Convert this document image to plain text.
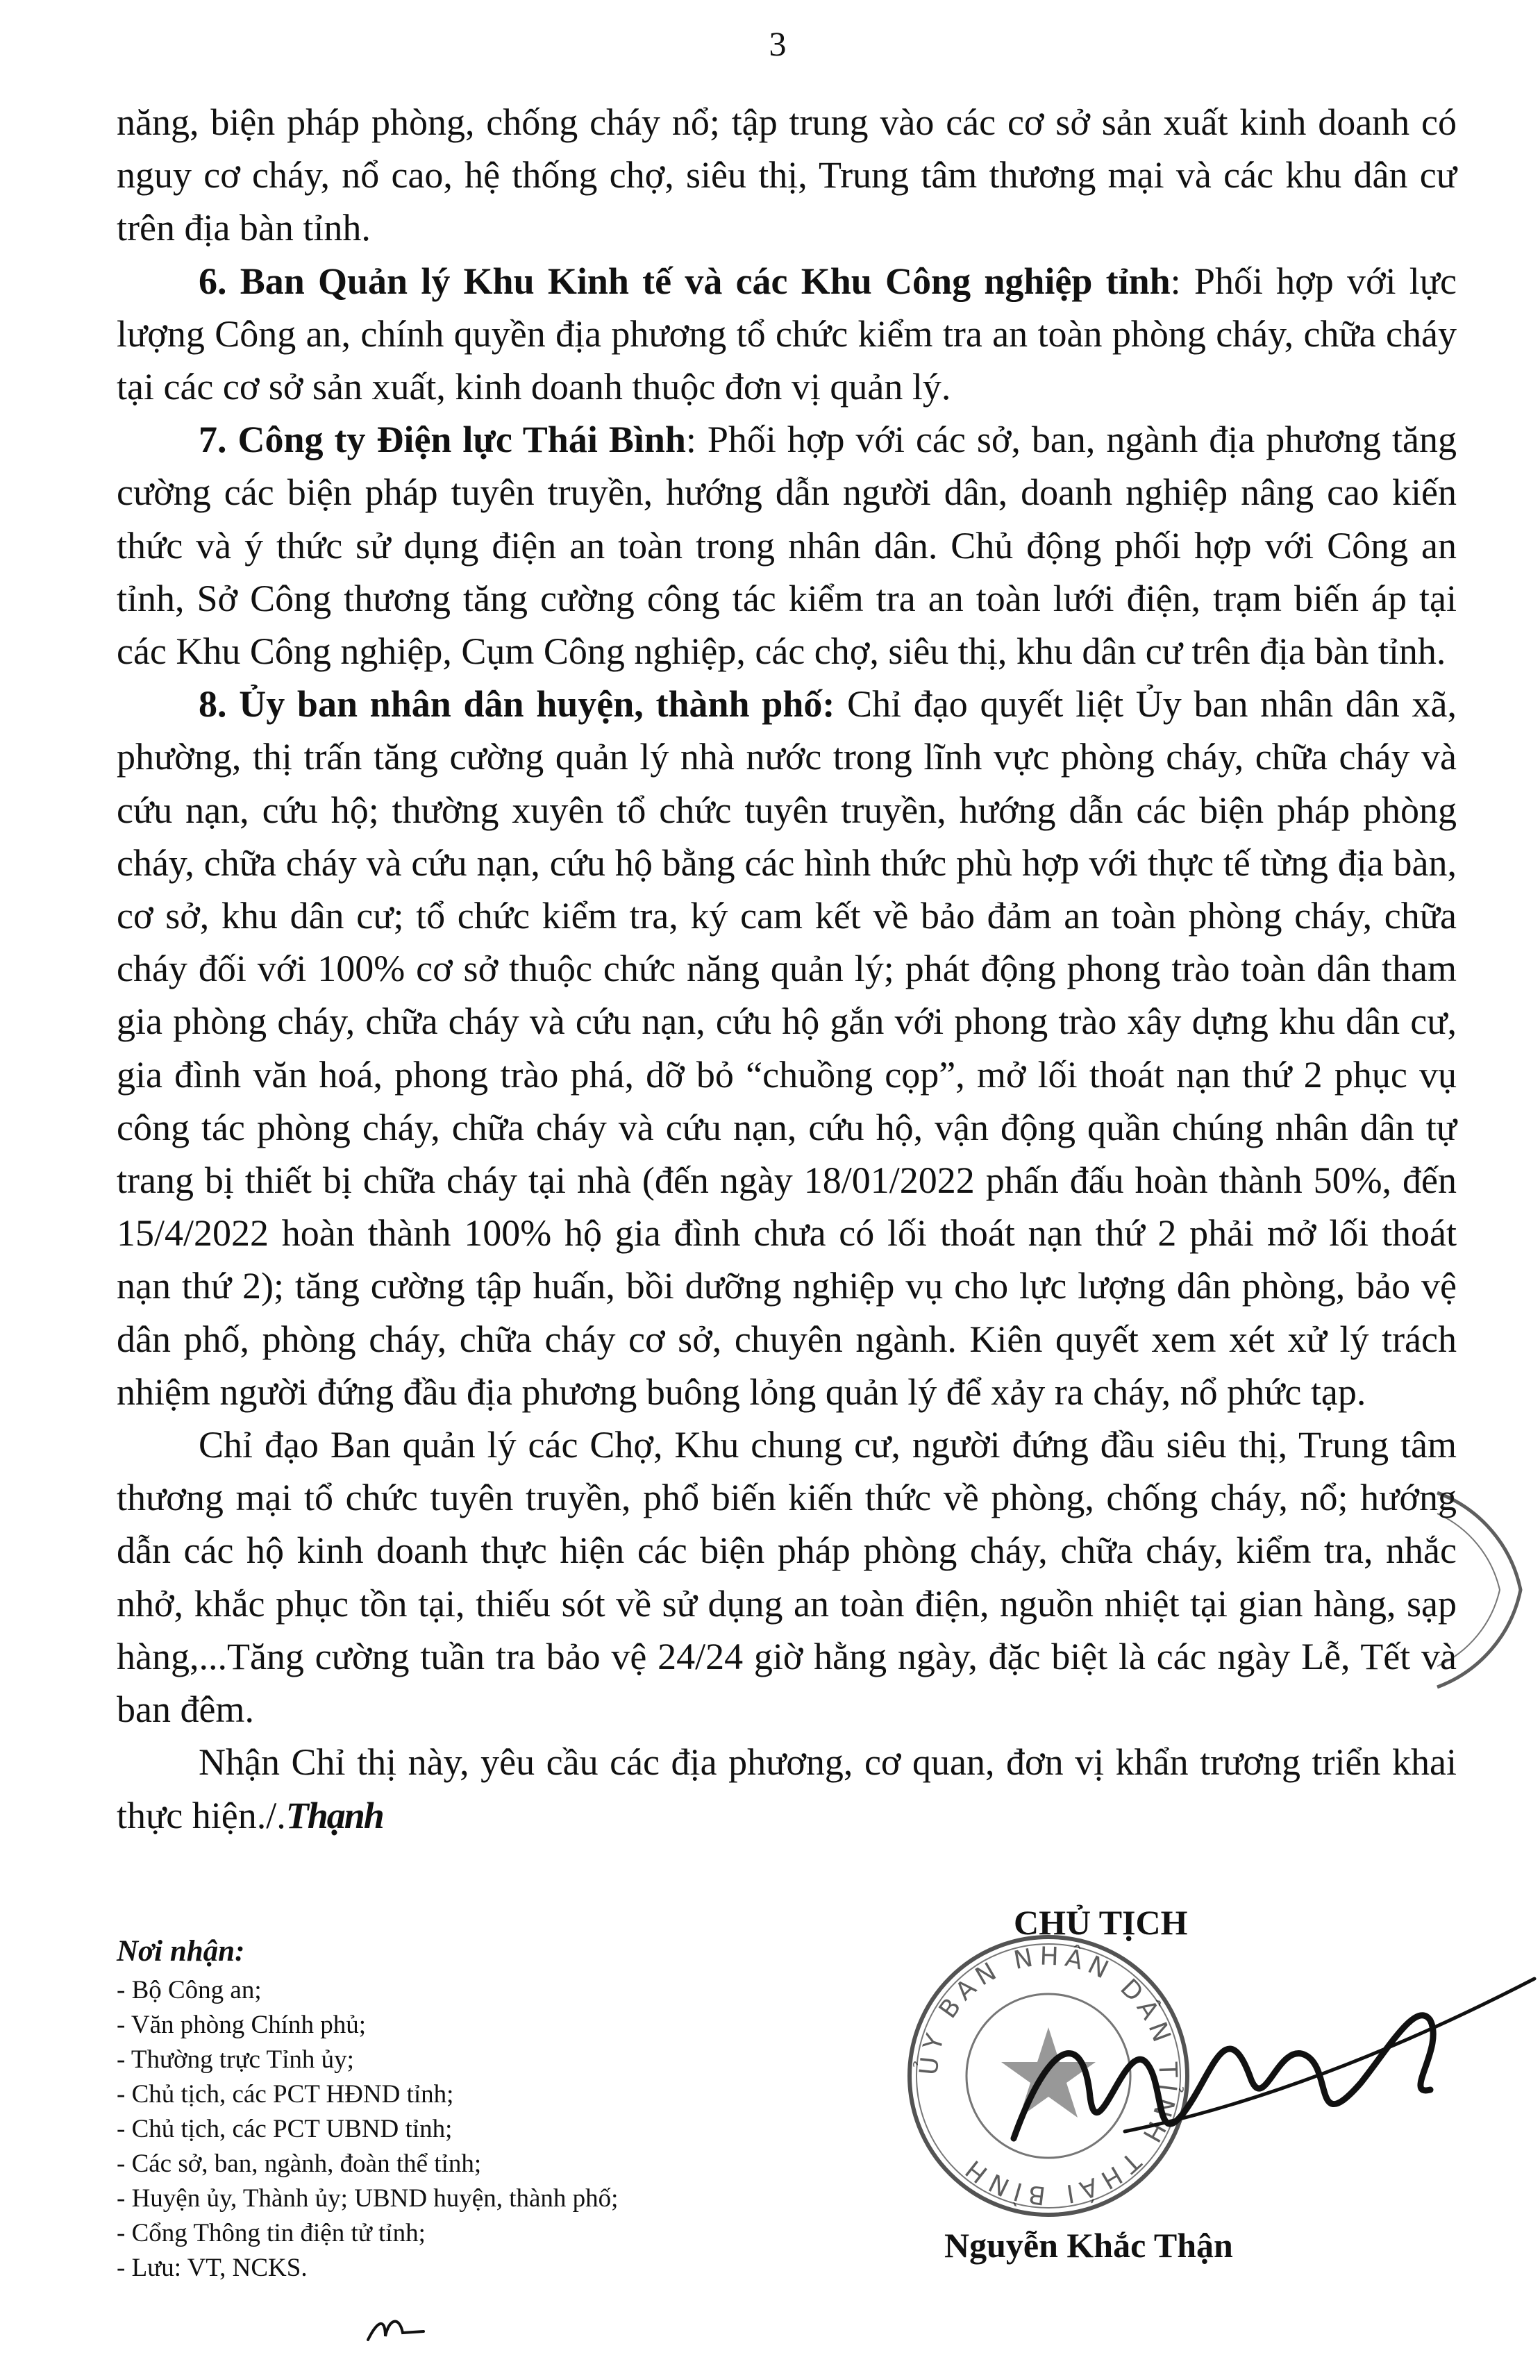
3

năng, biện pháp phòng, chống cháy nổ; tập trung vào các cơ sở sản xuất kinh doanh có nguy cơ cháy, nổ cao, hệ thống chợ, siêu thị, Trung tâm thương mại và các khu dân cư trên địa bàn tỉnh.

6. Ban Quản lý Khu Kinh tế và các Khu Công nghiệp tỉnh: Phối hợp với lực lượng Công an, chính quyền địa phương tổ chức kiểm tra an toàn phòng cháy, chữa cháy tại các cơ sở sản xuất, kinh doanh thuộc đơn vị quản lý.

7. Công ty Điện lực Thái Bình: Phối hợp với các sở, ban, ngành địa phương tăng cường các biện pháp tuyên truyền, hướng dẫn người dân, doanh nghiệp nâng cao kiến thức và ý thức sử dụng điện an toàn trong nhân dân. Chủ động phối hợp với Công an tỉnh, Sở Công thương tăng cường công tác kiểm tra an toàn lưới điện, trạm biến áp tại các Khu Công nghiệp, Cụm Công nghiệp, các chợ, siêu thị, khu dân cư trên địa bàn tỉnh.

8. Ủy ban nhân dân huyện, thành phố: Chỉ đạo quyết liệt Ủy ban nhân dân xã, phường, thị trấn tăng cường quản lý nhà nước trong lĩnh vực phòng cháy, chữa cháy và cứu nạn, cứu hộ; thường xuyên tổ chức tuyên truyền, hướng dẫn các biện pháp phòng cháy, chữa cháy và cứu nạn, cứu hộ bằng các hình thức phù hợp với thực tế từng địa bàn, cơ sở, khu dân cư; tổ chức kiểm tra, ký cam kết về bảo đảm an toàn phòng cháy, chữa cháy đối với 100% cơ sở thuộc chức năng quản lý; phát động phong trào toàn dân tham gia phòng cháy, chữa cháy và cứu nạn, cứu hộ gắn với phong trào xây dựng khu dân cư, gia đình văn hoá, phong trào phá, dỡ bỏ “chuồng cọp”, mở lối thoát nạn thứ 2 phục vụ công tác phòng cháy, chữa cháy và cứu nạn, cứu hộ, vận động quần chúng nhân dân tự trang bị thiết bị chữa cháy tại nhà (đến ngày 18/01/2022 phấn đấu hoàn thành 50%, đến 15/4/2022 hoàn thành 100% hộ gia đình chưa có lối thoát nạn thứ 2 phải mở lối thoát nạn thứ 2); tăng cường tập huấn, bồi dưỡng nghiệp vụ cho lực lượng dân phòng, bảo vệ dân phố, phòng cháy, chữa cháy cơ sở, chuyên ngành. Kiên quyết xem xét xử lý trách nhiệm người đứng đầu địa phương buông lỏng quản lý để xảy ra cháy, nổ phức tạp.

Chỉ đạo Ban quản lý các Chợ, Khu chung cư, người đứng đầu siêu thị, Trung tâm thương mại tổ chức tuyên truyền, phổ biến kiến thức về phòng, chống cháy, nổ; hướng dẫn các hộ kinh doanh thực hiện các biện pháp phòng cháy, chữa cháy, kiểm tra, nhắc nhở, khắc phục tồn tại, thiếu sót về sử dụng an toàn điện, nguồn nhiệt tại gian hàng, sạp hàng,...Tăng cường tuần tra bảo vệ 24/24 giờ hằng ngày, đặc biệt là các ngày Lễ, Tết và ban đêm.

Nhận Chỉ thị này, yêu cầu các địa phương, cơ quan, đơn vị khẩn trương triển khai thực hiện./.Thạnh

Nơi nhận:
- Bộ Công an;
- Văn phòng Chính phủ;
- Thường trực Tỉnh ủy;
- Chủ tịch, các PCT HĐND tỉnh;
- Chủ tịch, các PCT UBND tỉnh;
- Các sở, ban, ngành, đoàn thể tỉnh;
- Huyện ủy, Thành ủy; UBND huyện, thành phố;
- Cổng Thông tin điện tử tỉnh;
- Lưu: VT, NCKS.
CHỦ TỊCH
ỦY BAN NHÂN DÂN TỈNH THÁI BÌNH
Nguyễn Khắc Thận
